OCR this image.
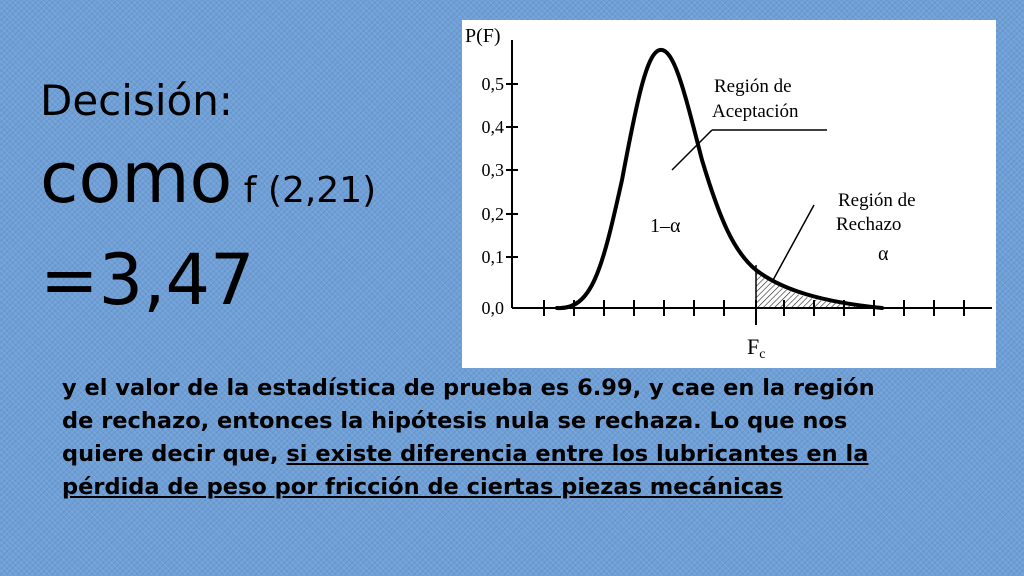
Decisión:
como f (2,21)
=3,47
P(F)
0,5
0,4
0,3
0,2
0,1
0,0
Región de
Aceptación
Región de
Rechazo
1–α
α
Fc
y el valor de la estadística de prueba es 6.99, y cae en la región de rechazo, entonces la hipótesis nula se rechaza. Lo que nos quiere decir que, si existe diferencia entre los lubricantes en la pérdida de peso por fricción de ciertas piezas mecánicas
